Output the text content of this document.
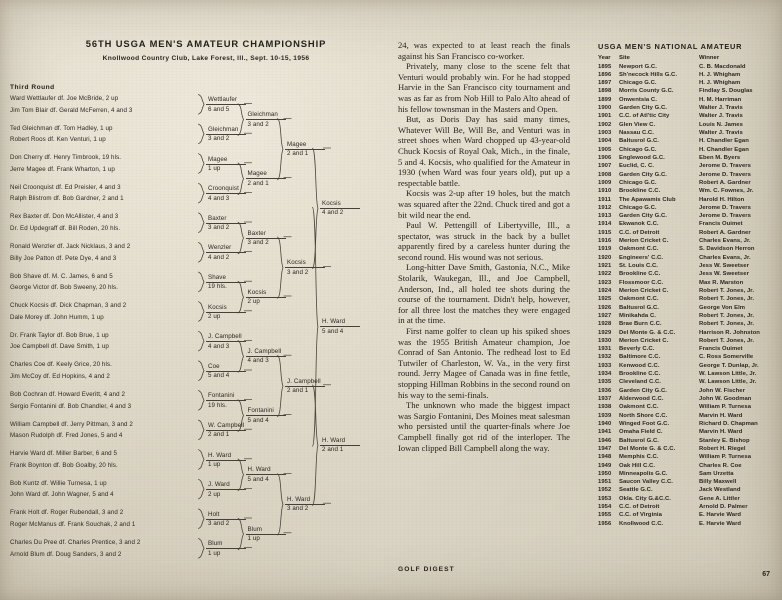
56TH USGA MEN'S AMATEUR CHAMPIONSHIP
Knollwood Country Club, Lake Forest, Ill., Sept. 10-15, 1956
Third Round
Ward Wettlaufer df. Joe McBride, 2 up
Jim Tom Blair df. Gerald McFerren, 4 and 3
Ted Gleichman df. Tom Hadley, 1 up
Robert Roos df. Ken Venturi, 1 up
Don Cherry df. Henry Timbrook, 19 hls.
Jerre Magee df. Frank Wharton, 1 up
Neil Croonquist df. Ed Preisler, 4 and 3
Ralph Blistrom df. Bob Gardner, 2 and 1
Rex Baxter df. Don McAllister, 4 and 3
Dr. Ed Updegraff df. Bill Roden, 20 hls.
Ronald Wenzler df. Jack Nicklaus, 3 and 2
Billy Joe Patton df. Pete Dye, 4 and 3
Bob Shave df. M. C. James, 6 and 5
George Victor df. Bob Sweeny, 20 hls.
Chuck Kocsis df. Dick Chapman, 3 and 2
Dale Morey df. John Humm, 1 up
Dr. Frank Taylor df. Bob Brue, 1 up
Joe Campbell df. Dave Smith, 1 up
Charles Coe df. Keely Grice, 20 hls.
Jim McCoy df. Ed Hopkins, 4 and 2
Bob Cochran df. Howard Everitt, 4 and 2
Sergio Fontanini df. Bob Chandler, 4 and 3
William Campbell df. Jerry Pittman, 3 and 2
Mason Rudolph df. Fred Jones, 5 and 4
Harvie Ward df. Miller Barber, 6 and 5
Frank Boynton df. Bob Goalby, 20 hls.
Bob Kuntz df. Willie Turnesa, 1 up
John Ward df. John Wagner, 5 and 4
Frank Holt df. Roger Rubendall, 3 and 2
Roger McManus df. Frank Souchak, 2 and 1
Charles Du Pree df. Charles Prentice, 3 and 2
Arnold Blum df. Doug Sanders, 3 and 2
Wettlaufer
6 and 5
Gleichman
3 and 2
Magee
1 up
Croonquist
4 and 3
Baxter
3 and 2
Wenzler
4 and 2
Shave
19 hls.
Kocsis
2 up
J. Campbell
4 and 3
Coe
5 and 4
Fontanini
19 hls.
W. Campbell
2 and 1
H. Ward
1 up
J. Ward
2 up
Holt
3 and 2
Blum
1 up
Gleichman
3 and 2
Magee
2 and 1
Baxter
3 and 2
Kocsis
2 up
J. Campbell
4 and 3
Fontanini
5 and 4
H. Ward
5 and 4
Blum
1 up
Magee
2 and 1
Kocsis
3 and 2
J. Campbell
2 and 1
H. Ward
3 and 2
Kocsis
4 and 2
H. Ward
2 and 1
H. Ward
5 and 4

24, was expected to at least reach the finals against his San Francisco co-worker.

Privately, many close to the scene felt that Venturi would probably win. For he had stopped Harvie in the San Francisco city tournament and was as far as from Nob Hill to Palo Alto ahead of his fellow townsman in the Masters and Open.

But, as Doris Day has said many times, Whatever Will Be, Will Be, and Venturi was in street shoes when Ward chopped up 43-year-old Chuck Kocsis of Royal Oak, Mich., in the finale, 5 and 4. Kocsis, who qualified for the Amateur in 1930 (when Ward was four years old), put up a respectable battle.

Kocsis was 2-up after 19 holes, but the match was squared after the 22nd. Chuck tired and got a bit wild near the end.

Paul W. Pettengill of Libertyville, Ill., a spectator, was struck in the back by a bullet apparently fired by a careless hunter during the second round. His wound was not serious.

Long-hitter Dave Smith, Gastonia, N.C., Mike Stolarik, Waukegan, Ill., and Joe Campbell, Anderson, Ind., all holed tee shots during the course of the tournament. Didn't help, however, for all three lost the matches they were engaged in at the time.

First name golfer to clean up his spiked shoes was the 1955 British Amateur champion, Joe Conrad of San Antonio. The redhead lost to Ed Tutwiler of Charleston, W. Va., in the very first round. Jerry Magee of Canada was in fine fettle, stopping Hillman Robbins in the second round on his way to the semi-finals.

The unknown who made the biggest impact was Sargio Fontanini, Des Moines meat salesman who persisted until the quarter-finals where Joe Campbell finally got rid of the interloper. The Iowan clipped Bill Campbell along the way.

GOLF DIGEST
USGA MEN'S NATIONAL AMATEUR
Year	Site	Winner
1895	Newport G.C.	C. B. Macdonald
1896	Sh'necock Hills G.C.	H. J. Whigham
1897	Chicago G.C.	H. J. Whigham
1898	Morris County G.C.	Findlay S. Douglas
1899	Onwentsia C.	H. M. Harriman
1900	Garden City G.C.	Walter J. Travis
1901	C.C. of Atl'tic City	Walter J. Travis
1902	Glen View C.	Louis N. James
1903	Nassau C.C.	Walter J. Travis
1904	Baltusrol G.C.	H. Chandler Egan
1905	Chicago G.C.	H. Chandler Egan
1906	Englewood G.C.	Eben M. Byers
1907	Euclid, C. C.	Jerome D. Travers
1908	Garden City G.C.	Jerome D. Travers
1909	Chicago G.C.	Robert A. Gardner
1910	Brookline C.C.	Wm. C. Fownes, Jr.
1911	The Apawamis Club	Harold H. Hilton
1912	Chicago G.C.	Jerome D. Travers
1913	Garden City G.C.	Jerome D. Travers
1914	Ekwanok C.C.	Francis Ouimet
1915	C.C. of Detroit	Robert A. Gardner
1916	Merion Cricket C.	Charles Evans, Jr.
1919	Oakmont C.C.	S. Davidson Herron
1920	Engineers' C.C.	Charles Evans, Jr.
1921	St. Louis C.C.	Jess W. Sweetser
1922	Brookline C.C.	Jess W. Sweetser
1923	Flossmoor C.C.	Max R. Marston
1924	Merion Cricket C.	Robert T. Jones, Jr.
1925	Oakmont C.C.	Robert T. Jones, Jr.
1926	Baltusrol G.C.	George Von Elm
1927	Minikahda C.	Robert T. Jones, Jr.
1928	Brae Burn C.C.	Robert T. Jones, Jr.
1929	Del Monte G. & C.C.	Harrison R. Johnston
1930	Merion Cricket C.	Robert T. Jones, Jr.
1931	Beverly C.C.	Francis Ouimet
1932	Baltimore C.C.	C. Ross Somerville
1933	Kenwood C.C.	George T. Dunlap, Jr.
1934	Brookline C.C.	W. Lawson Little, Jr.
1935	Cleveland C.C.	W. Lawson Little, Jr.
1936	Garden City G.C.	John W. Fischer
1937	Alderwood C.C.	John W. Goodman
1938	Oakmont C.C.	William P. Turnesa
1939	North Shore C.C.	Marvin H. Ward
1940	Winged Foot G.C.	Richard D. Chapman
1941	Omaha Field C.	Marvin H. Ward
1946	Baltusrol G.C.	Stanley E. Bishop
1947	Del Monte G. & C.C.	Robert H. Riegel
1948	Memphis C.C.	William P. Turnesa
1949	Oak Hill C.C.	Charles R. Coe
1950	Minneapolis G.C.	Sam Urzetta
1951	Saucon Valley C.C.	Billy Maxwell
1952	Seattle G.C.	Jack Westland
1953	Okla. City G.&C.C.	Gene A. Littler
1954	C.C. of Detroit	Arnold D. Palmer
1955	C.C. of Virginia	E. Harvie Ward
1956	Knollwood C.C.	E. Harvie Ward
67
